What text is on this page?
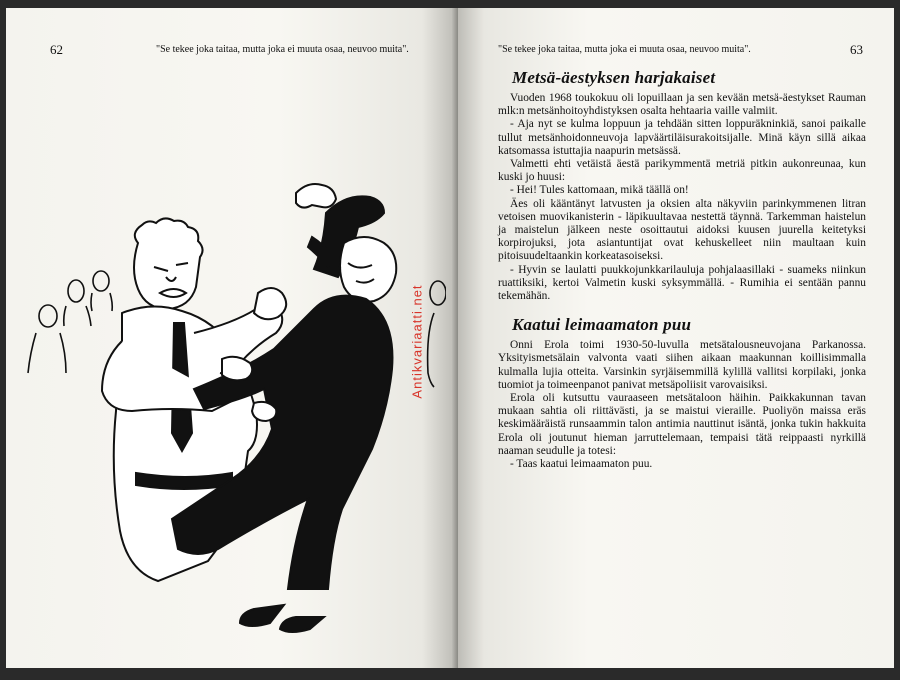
62	"Se tekee joka taitaa, mutta joka ei muuta osaa, neuvoo muita".	"Se tekee joka taitaa, mutta joka ei muuta osaa, neuvoo muita".	63
Metsä-äestyksen harjakaiset

Vuoden 1968 toukokuu oli lopuillaan ja sen kevään metsä-äestykset Rauman mlk:n metsänhoitoyhdistyksen osalta hehtaaria vaille valmiit.

- Aja nyt se kulma loppuun ja tehdään sitten loppuräkninkiä, sanoi paikalle tullut metsänhoidonneuvoja lapväärtiläisurakoitsijalle. Minä käyn sillä aikaa katsomassa istuttajia naapurin metsässä.

Valmetti ehti vetäistä äestä parikymmentä metriä pitkin aukonreunaa, kun kuski jo huusi:

- Hei! Tules kattomaan, mikä täällä on!

Äes oli kääntänyt latvusten ja oksien alta näkyviin parinkymmenen litran vetoisen muovikanisterin - läpikuultavaa nestettä täynnä. Tarkemman haistelun ja maistelun jälkeen neste osoittautui aidoksi kuusen juurella keitetyksi korpirojuksi, jota asiantuntijat ovat kehuskelleet niin maultaan kuin pitoisuudeltaankin korkeatasoiseksi.

- Hyvin se laulatti puukkojunkkarilauluja pohjalaasillaki - suameks niinkun ruattiksiki, kertoi Valmetin kuski syksymmällä. - Rumihia ei sentään pannu tekemähän.

Kaatui leimaamaton puu

Onni Erola toimi 1930-50-luvulla metsätalousneuvojana Parkanossa. Yksityismetsälain valvonta vaati siihen aikaan maakunnan koillisimmalla kulmalla lujia otteita. Varsinkin syrjäisemmillä kylillä vallitsi korpilaki, jonka tuomiot ja toimeenpanot panivat metsäpoliisit varovaisiksi.

Erola oli kutsuttu vauraaseen metsätaloon häihin. Paikkakunnan tavan mukaan sahtia oli riittävästi, ja se maistui vieraille. Puoliyön maissa eräs keskimääräistä runsaammin talon antimia nauttinut isäntä, jonka tukin hakkuita Erola oli joutunut hieman jarruttelemaan, tempaisi tätä reippaasti nyrkillä naaman seudulle ja totesi:

- Taas kaatui leimaamaton puu.

Antikvariaatti.net
